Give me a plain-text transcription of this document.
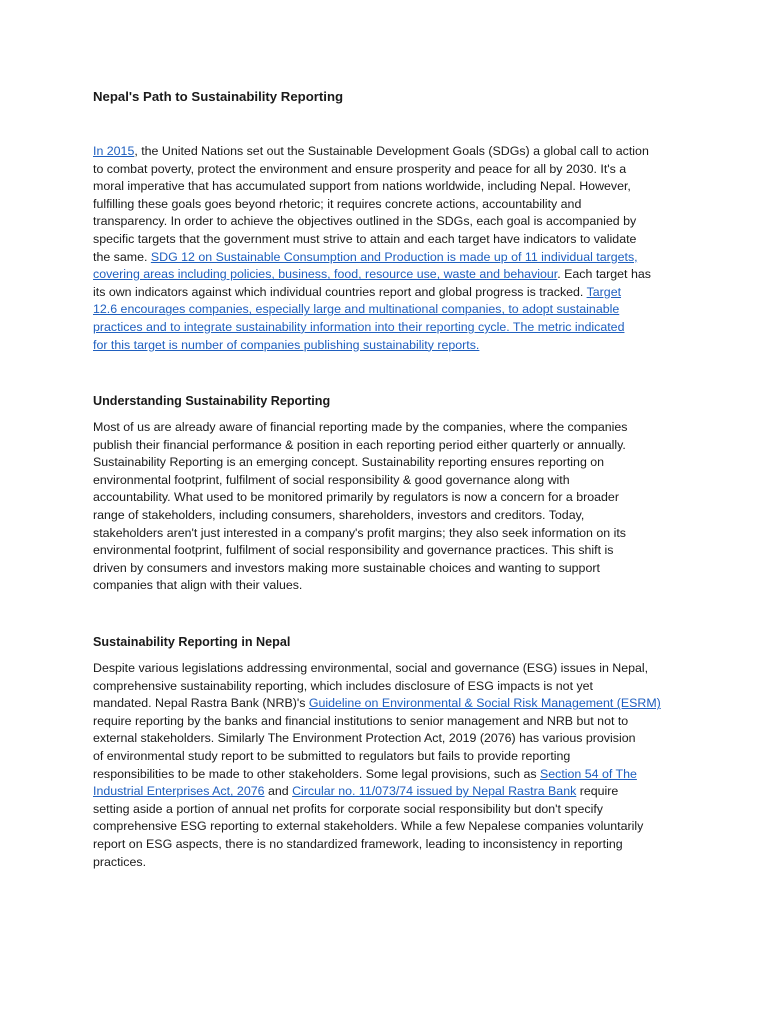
Nepal's Path to Sustainability Reporting

In 2015, the United Nations set out the Sustainable Development Goals (SDGs) a global call to action
to combat poverty, protect the environment and ensure prosperity and peace for all by 2030. It's a
moral imperative that has accumulated support from nations worldwide, including Nepal. However,
fulfilling these goals goes beyond rhetoric; it requires concrete actions, accountability and
transparency. In order to achieve the objectives outlined in the SDGs, each goal is accompanied by
specific targets that the government must strive to attain and each target have indicators to validate
the same. SDG 12 on Sustainable Consumption and Production is made up of 11 individual targets,
covering areas including policies, business, food, resource use, waste and behaviour. Each target has
its own indicators against which individual countries report and global progress is tracked. Target
12.6 encourages companies, especially large and multinational companies, to adopt sustainable
practices and to integrate sustainability information into their reporting cycle. The metric indicated
for this target is number of companies publishing sustainability reports.

Understanding Sustainability Reporting

Most of us are already aware of financial reporting made by the companies, where the companies
publish their financial performance & position in each reporting period either quarterly or annually.
Sustainability Reporting is an emerging concept. Sustainability reporting ensures reporting on
environmental footprint, fulfilment of social responsibility & good governance along with
accountability. What used to be monitored primarily by regulators is now a concern for a broader
range of stakeholders, including consumers, shareholders, investors and creditors. Today,
stakeholders aren't just interested in a company's profit margins; they also seek information on its
environmental footprint, fulfilment of social responsibility and governance practices. This shift is
driven by consumers and investors making more sustainable choices and wanting to support
companies that align with their values.

Sustainability Reporting in Nepal

Despite various legislations addressing environmental, social and governance (ESG) issues in Nepal,
comprehensive sustainability reporting, which includes disclosure of ESG impacts is not yet
mandated. Nepal Rastra Bank (NRB)'s Guideline on Environmental & Social Risk Management (ESRM)
require reporting by the banks and financial institutions to senior management and NRB but not to
external stakeholders. Similarly The Environment Protection Act, 2019 (2076) has various provision
of environmental study report to be submitted to regulators but fails to provide reporting
responsibilities to be made to other stakeholders. Some legal provisions, such as Section 54 of The
Industrial Enterprises Act, 2076 and Circular no. 11/073/74 issued by Nepal Rastra Bank require
setting aside a portion of annual net profits for corporate social responsibility but don't specify
comprehensive ESG reporting to external stakeholders. While a few Nepalese companies voluntarily
report on ESG aspects, there is no standardized framework, leading to inconsistency in reporting
practices.
